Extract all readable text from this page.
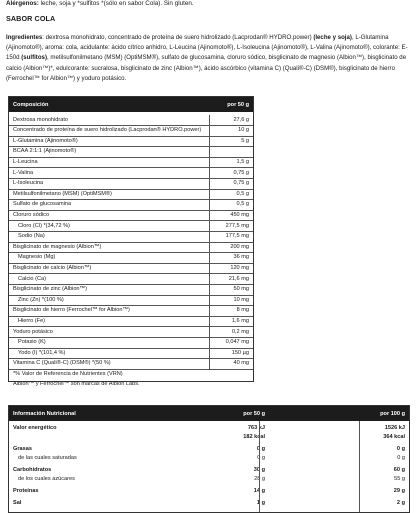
Alérgenos: leche, soja y *sulfitos *(sólo en sabor Cola). Sin gluten.
SABOR COLA
Ingredientes: dextrosa monohidrato, concentrado de proteína de suero hidrolizado (Lacprodan® HYDRO.power) (leche y soja), L-Glutamina (Ajinomoto®), aroma: cola, acidulante: ácido cítrico anhidro, L-Leucina (Ajinomoto®), L-Isoleucina (Ajinomoto®), L-Valina (Ajinomoto®), colorante: E-150d (sulfitos), metilsulfonilmetano (MSM) (OptiMSM®), sulfato de glucosamina, cloruro sódico, bisglicinato de magnesio (Albion™), bisglicinato de calcio (Albion™)*, edulcorante: sucralosa, bisglicinato de zinc (Albion™), ácido ascórbico (vitamina C) (Quali®-C) (DSM®), bisglicinato de hierro (Ferrochel™ for Albion™) y yoduro potásico.
Composición	por 50 g
Dextrosa monohidrato	27,6 g
Concentrado de proteína de suero hidrolizado (Lacprodan® HYDRO.power)	10 g
L-Glutamina (Ajinomoto®)	5 g
BCAA 2:1:1 (Ajinomoto®)
L-Leucina	1,5 g
L-Valina	0,75 g
L-Isoleucina	0,75 g
Metilsulfonilmetano (MSM) (OptiMSM®)	0,5 g
Sulfato de glucosamina	0,5 g
Cloruro sódico	450 mg
Cloro (Cl) *(34,72 %)	277,5 mg
Sodio (Na)	177,5 mg
Bisglicinato de magnesio (Albion™)	200 mg
Magnesio (Mg)	36 mg
Bisglicinato de calcio (Albion™)	120 mg
Calcio (Ca)	21,6 mg
Bisglicinato de zinc (Albion™)	50 mg
Zinc (Zn) *(100 %)	10 mg
Bisglicinato de hierro (Ferrochel™ for Albion™)	8 mg
Hierro (Fe)	1,6 mg
Yoduro potásico	0,2 mg
Potasio (K)	0,047 mg
Yodo (I) *(101,4 %)	150 µg
Vitamina C (Quali®-C) (DSM®) *(50 %)	40 mg
*% Valor de Referencia de Nutrientes (VRN)
Albion™ y Ferrochel™ son marcas de Albion Labs.
Información Nutricional	por 50 g	por 100 g
Valor energético	763 kJ	1526 kJ
182 kcal	364 kcal
Grasas	0 g	0 g
de las cuales saturadas	0 g	0 g
Carbohidratos	30 g	60 g
de los cuales azúcares	28 g	55 g
Proteínas	14 g	29 g
Sal	1 g	2 g
